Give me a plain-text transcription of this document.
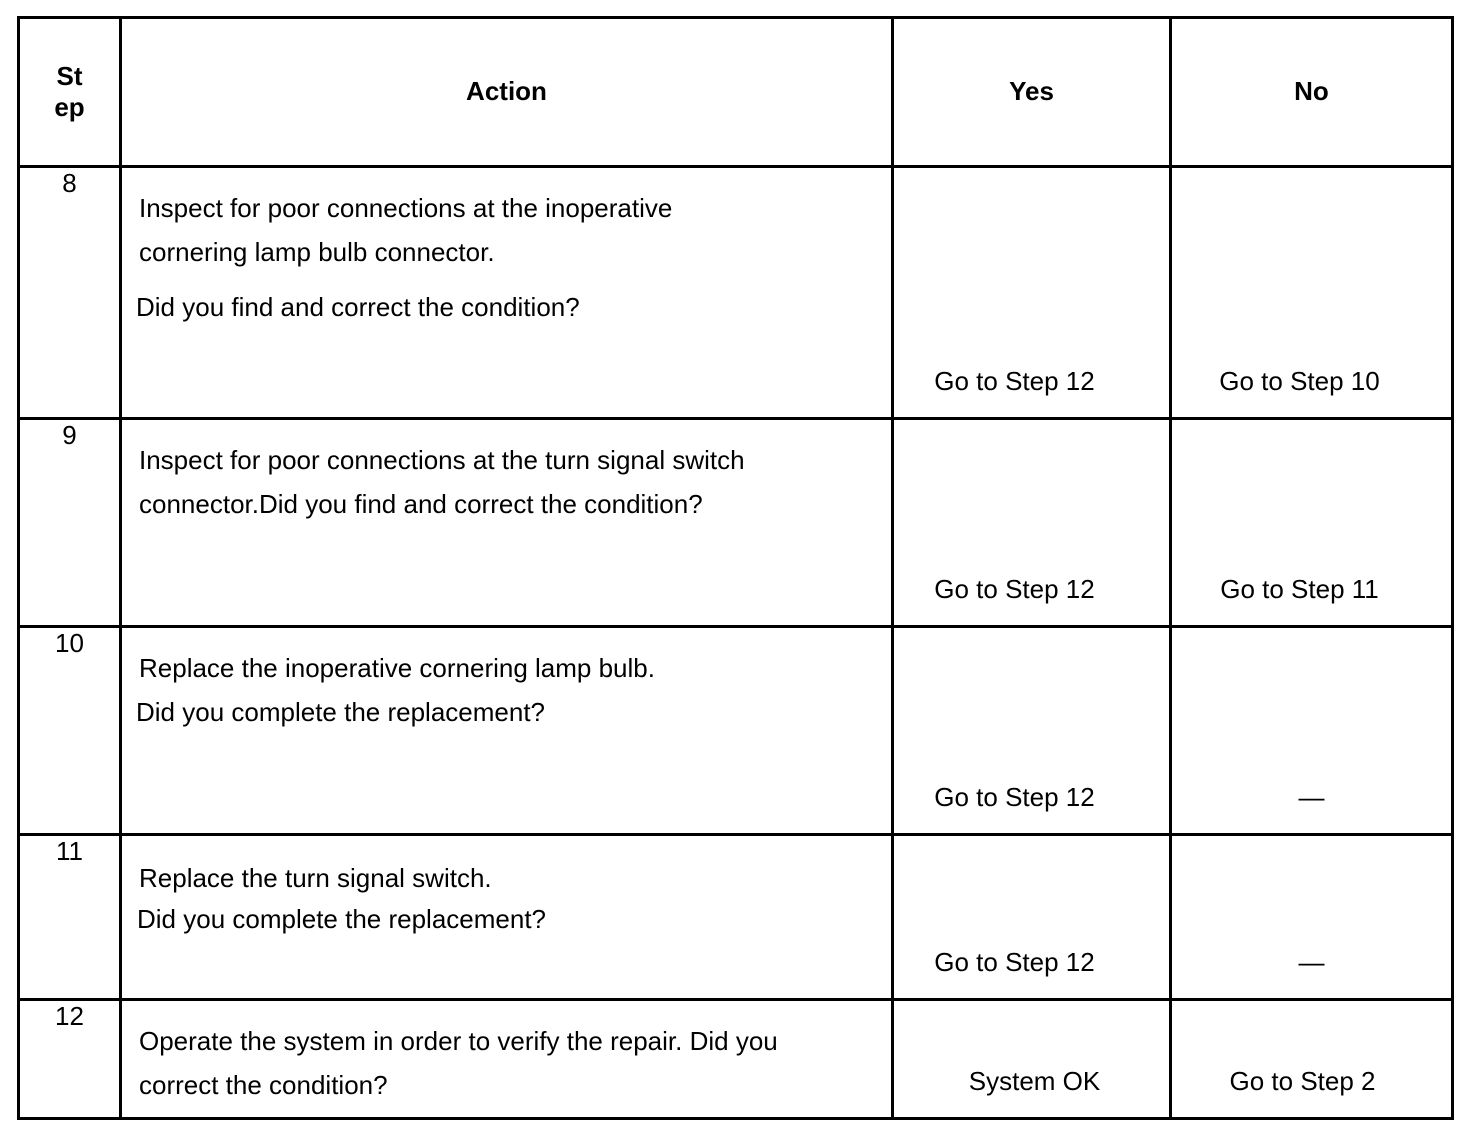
St
ep	Action	Yes	No
8	Inspect for poor connections at the inoperative

cornering lamp bulb connector.

Did you find and correct the condition?	Go to Step 12	Go to Step 10

9	Inspect for poor connections at the turn signal switch

connector.Did you find and correct the condition?	Go to Step 12	Go to Step 11

10	Replace the inoperative cornering lamp bulb.

Did you complete the replacement?	Go to Step 12	—

11	Replace the turn signal switch.

Did you complete the replacement?	Go to Step 12	—

12	Operate the system in order to verify the repair. Did you

correct the condition?	System OK	Go to Step 2
